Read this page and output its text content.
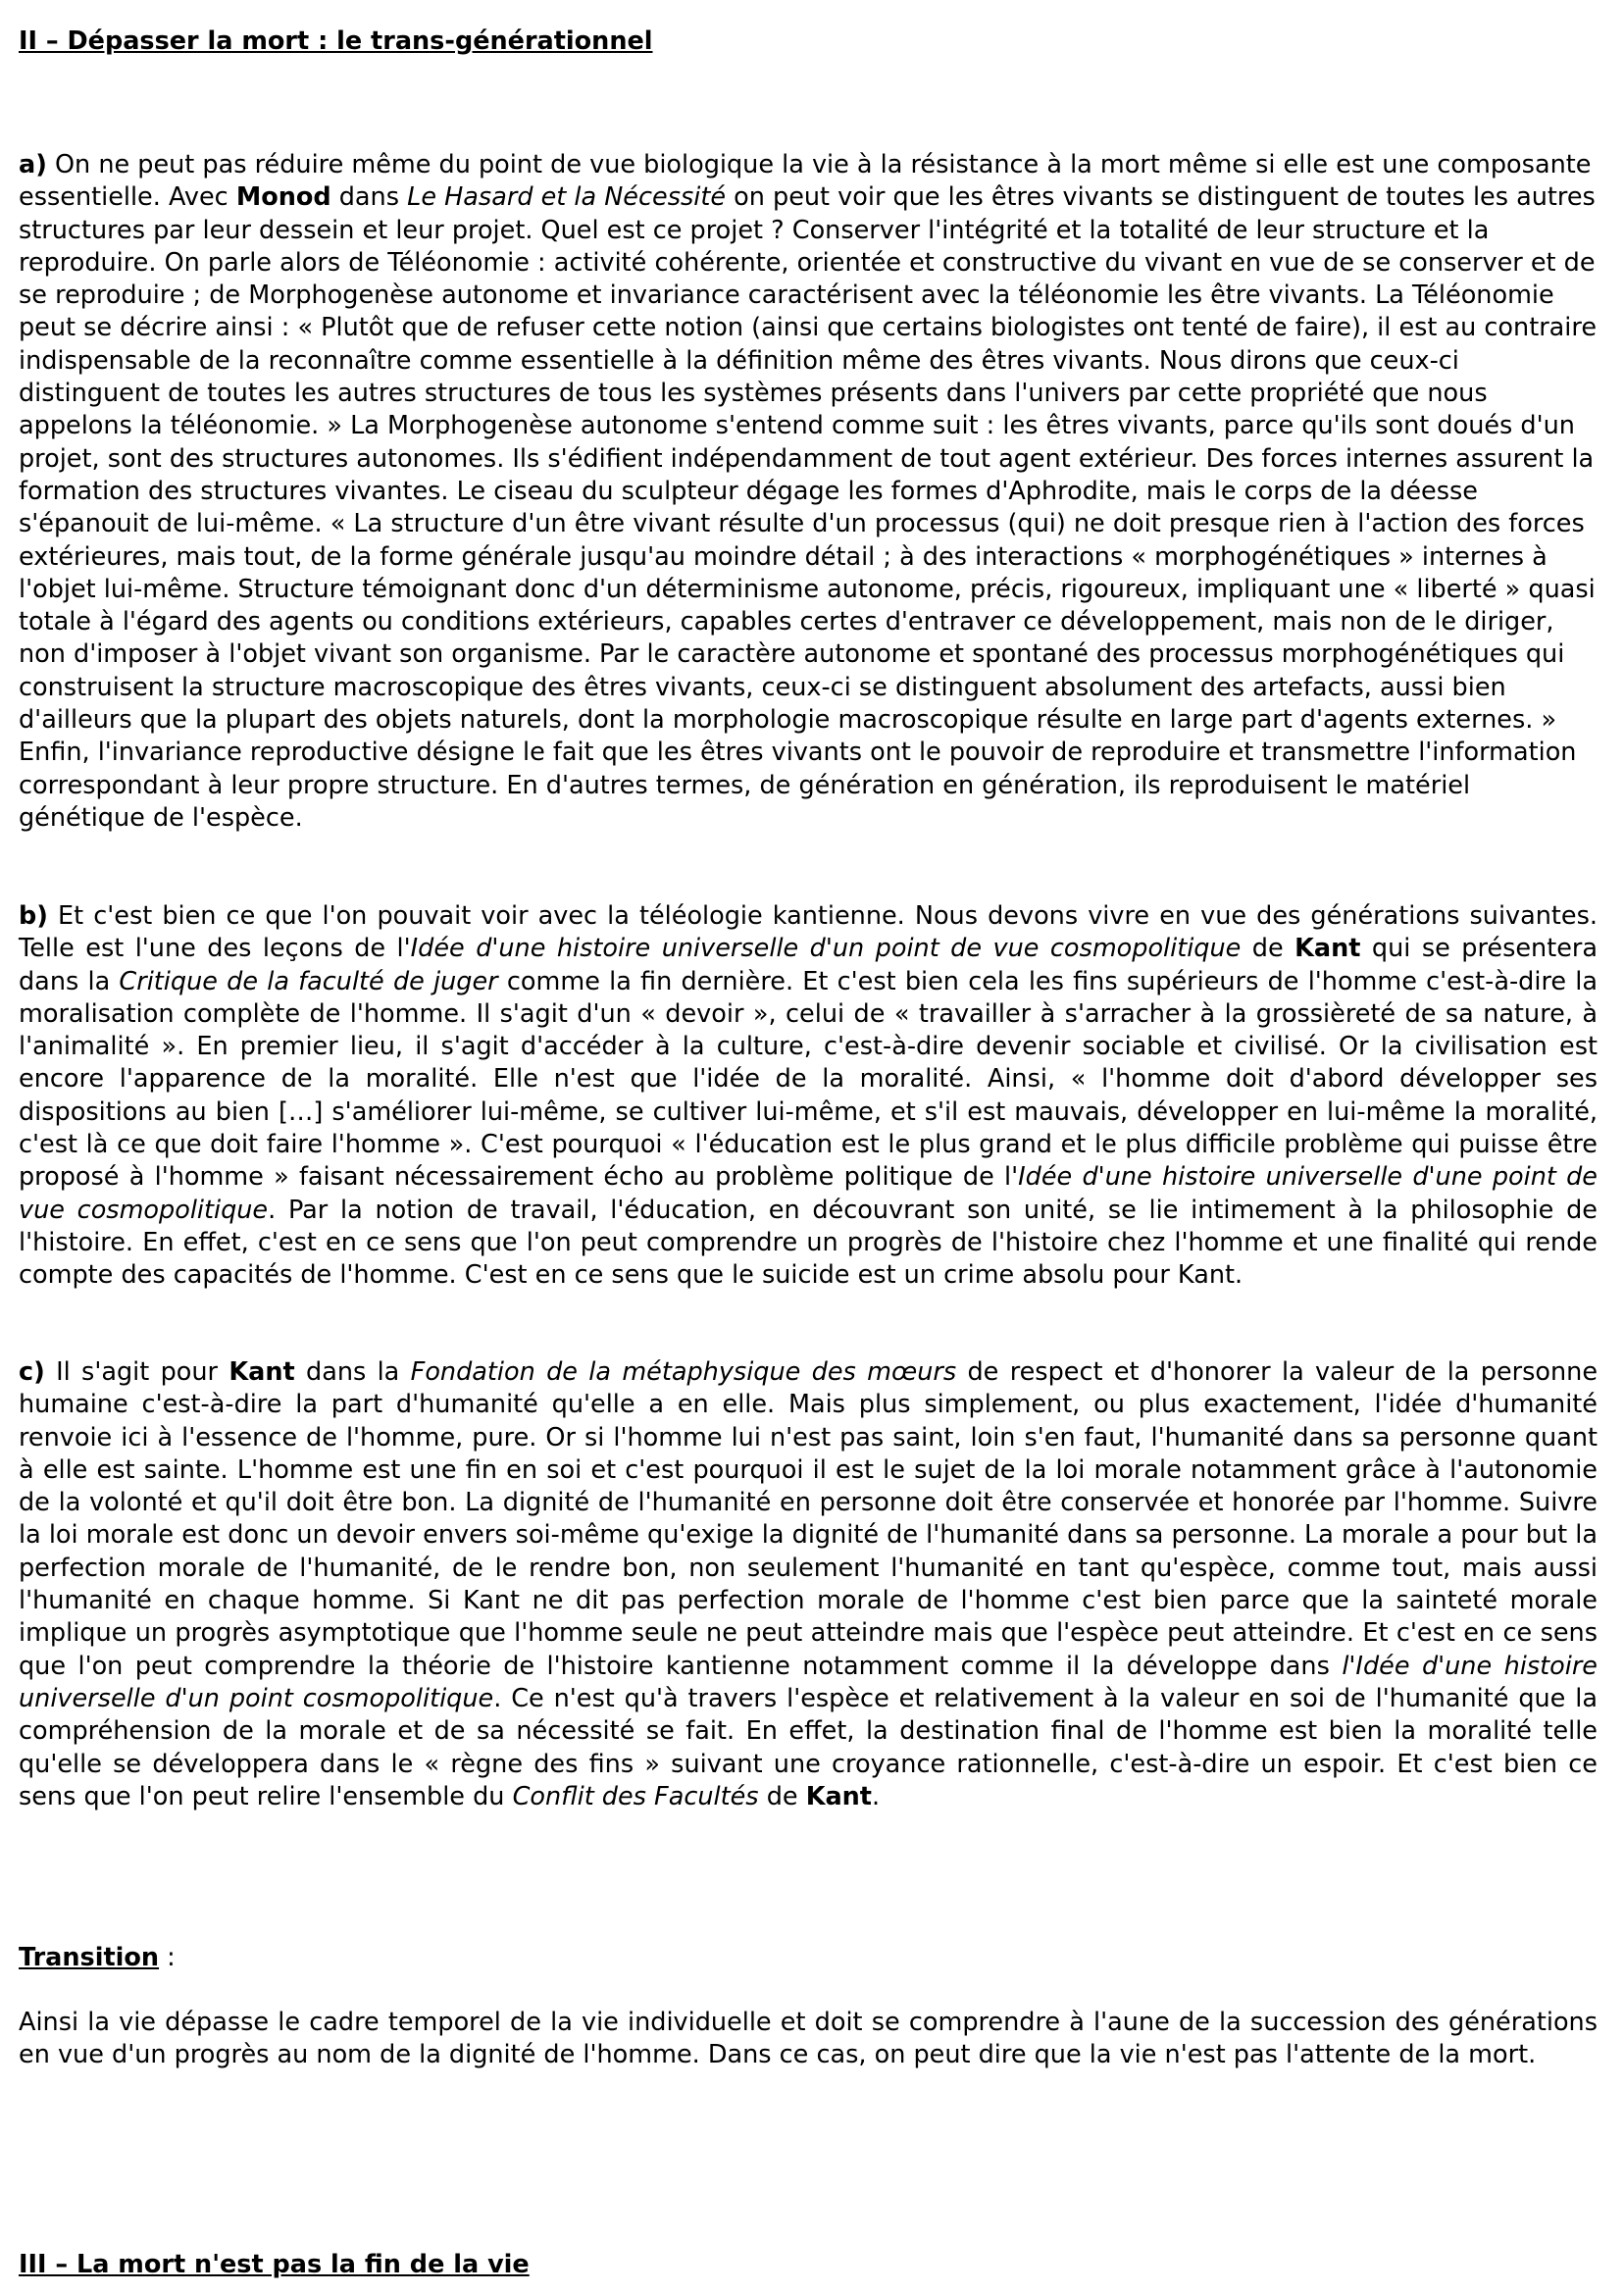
II – Dépasser la mort : le trans-générationnel

a) On ne peut pas réduire même du point de vue biologique la vie à la résistance à la mort même si elle est une composante essentielle. Avec Monod dans Le Hasard et la Nécessité on peut voir que les êtres vivants se distinguent de toutes les autres structures par leur dessein et leur projet. Quel est ce projet ? Conserver l'intégrité et la totalité de leur structure et la reproduire. On parle alors de Téléonomie : activité cohérente, orientée et constructive du vivant en vue de se conserver et de se reproduire ; de Morphogenèse autonome et invariance caractérisent avec la téléonomie les être vivants. La Téléonomie peut se décrire ainsi : « Plutôt que de refuser cette notion (ainsi que certains biologistes ont tenté de faire), il est au contraire indispensable de la reconnaître comme essentielle à la définition même des êtres vivants. Nous dirons que ceux-ci distinguent de toutes les autres structures de tous les systèmes présents dans l'univers par cette propriété que nous appelons la téléonomie. » La Morphogenèse autonome s'entend comme suit : les êtres vivants, parce qu'ils sont doués d'un projet, sont des structures autonomes. Ils s'édifient indépendamment de tout agent extérieur. Des forces internes assurent la formation des structures vivantes. Le ciseau du sculpteur dégage les formes d'Aphrodite, mais le corps de la déesse s'épanouit de lui-même. « La structure d'un être vivant résulte d'un processus (qui) ne doit presque rien à l'action des forces extérieures, mais tout, de la forme générale jusqu'au moindre détail ; à des interactions « morphogénétiques » internes à l'objet lui-même. Structure témoignant donc d'un déterminisme autonome, précis, rigoureux, impliquant une « liberté » quasi totale à l'égard des agents ou conditions extérieurs, capables certes d'entraver ce développement, mais non de le diriger, non d'imposer à l'objet vivant son organisme. Par le caractère autonome et spontané des processus morphogénétiques qui construisent la structure macroscopique des êtres vivants, ceux-ci se distinguent absolument des artefacts, aussi bien d'ailleurs que la plupart des objets naturels, dont la morphologie macroscopique résulte en large part d'agents externes. » Enfin, l'invariance reproductive désigne le fait que les êtres vivants ont le pouvoir de reproduire et transmettre l'information correspondant à leur propre structure. En d'autres termes, de génération en génération, ils reproduisent le matériel génétique de l'espèce.

b) Et c'est bien ce que l'on pouvait voir avec la téléologie kantienne. Nous devons vivre en vue des générations suivantes. Telle est l'une des leçons de l'Idée d'une histoire universelle d'un point de vue cosmopolitique de Kant qui se présentera dans la Critique de la faculté de juger comme la fin dernière. Et c'est bien cela les fins supérieurs de l'homme c'est-à-dire la moralisation complète de l'homme. Il s'agit d'un « devoir », celui de « travailler à s'arracher à la grossièreté de sa nature, à l'animalité ». En premier lieu, il s'agit d'accéder à la culture, c'est-à-dire devenir sociable et civilisé. Or la civilisation est encore l'apparence de la moralité. Elle n'est que l'idée de la moralité. Ainsi, « l'homme doit d'abord développer ses dispositions au bien […] s'améliorer lui-même, se cultiver lui-même, et s'il est mauvais, développer en lui-même la moralité, c'est là ce que doit faire l'homme ». C'est pourquoi « l'éducation est le plus grand et le plus difficile problème qui puisse être proposé à l'homme » faisant nécessairement écho au problème politique de l'Idée d'une histoire universelle d'une point de vue cosmopolitique. Par la notion de travail, l'éducation, en découvrant son unité, se lie intimement à la philosophie de l'histoire. En effet, c'est en ce sens que l'on peut comprendre un progrès de l'histoire chez l'homme et une finalité qui rende compte des capacités de l'homme. C'est en ce sens que le suicide est un crime absolu pour Kant.

c) Il s'agit pour Kant dans la Fondation de la métaphysique des mœurs de respect et d'honorer la valeur de la personne humaine c'est-à-dire la part d'humanité qu'elle a en elle. Mais plus simplement, ou plus exactement, l'idée d'humanité renvoie ici à l'essence de l'homme, pure. Or si l'homme lui n'est pas saint, loin s'en faut, l'humanité dans sa personne quant à elle est sainte. L'homme est une fin en soi et c'est pourquoi il est le sujet de la loi morale notamment grâce à l'autonomie de la volonté et qu'il doit être bon. La dignité de l'humanité en personne doit être conservée et honorée par l'homme. Suivre la loi morale est donc un devoir envers soi-même qu'exige la dignité de l'humanité dans sa personne. La morale a pour but la perfection morale de l'humanité, de le rendre bon, non seulement l'humanité en tant qu'espèce, comme tout, mais aussi l'humanité en chaque homme. Si Kant ne dit pas perfection morale de l'homme c'est bien parce que la sainteté morale implique un progrès asymptotique que l'homme seule ne peut atteindre mais que l'espèce peut atteindre. Et c'est en ce sens que l'on peut comprendre la théorie de l'histoire kantienne notamment comme il la développe dans l'Idée d'une histoire universelle d'un point cosmopolitique. Ce n'est qu'à travers l'espèce et relativement à la valeur en soi de l'humanité que la compréhension de la morale et de sa nécessité se fait. En effet, la destination final de l'homme est bien la moralité telle qu'elle se développera dans le « règne des fins » suivant une croyance rationnelle, c'est-à-dire un espoir. Et c'est bien ce sens que l'on peut relire l'ensemble du Conflit des Facultés de Kant.

Transition :

Ainsi la vie dépasse le cadre temporel de la vie individuelle et doit se comprendre à l'aune de la succession des générations en vue d'un progrès au nom de la dignité de l'homme. Dans ce cas, on peut dire que la vie n'est pas l'attente de la mort.

III – La mort n'est pas la fin de la vie
